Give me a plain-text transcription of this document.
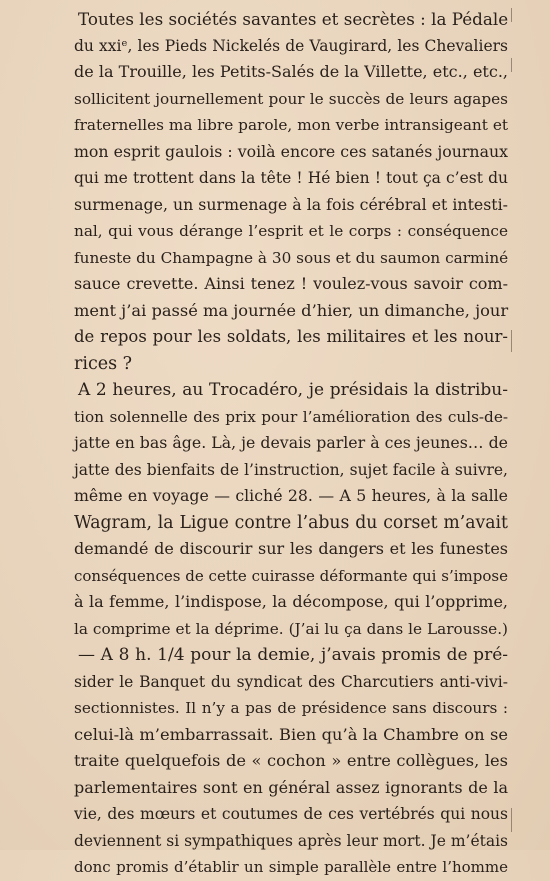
Toutes les sociétés savantes et secrètes : la Pédale
du xxiᵉ, les Pieds Nickelés de Vaugirard, les Chevaliers
de la Trouille, les Petits-Salés de la Villette, etc., etc.,
sollicitent journellement pour le succès de leurs agapes
fraternelles ma libre parole, mon verbe intransigeant et
mon esprit gaulois : voilà encore ces satanés journaux
qui me trottent dans la tête ! Hé bien ! tout ça c’est du
surmenage, un surmenage à la fois cérébral et intesti-
nal, qui vous dérange l’esprit et le corps : conséquence
funeste du Champagne à 30 sous et du saumon carminé
sauce crevette. Ainsi tenez ! voulez-vous savoir com-
ment j’ai passé ma journée d’hier, un dimanche, jour
de repos pour les soldats, les militaires et les nour-
rices ?
A 2 heures, au Trocadéro, je présidais la distribu-
tion solennelle des prix pour l’amélioration des culs-de-
jatte en bas âge. Là, je devais parler à ces jeunes… de
jatte des bienfaits de l’instruction, sujet facile à suivre,
même en voyage — cliché 28. — A 5 heures, à la salle
Wagram, la Ligue contre l’abus du corset m’avait
demandé de discourir sur les dangers et les funestes
conséquences de cette cuirasse déformante qui s’impose
à la femme, l’indispose, la décompose, qui l’opprime,
la comprime et la déprime. (J’ai lu ça dans le Larousse.)
— A 8 h. 1/4 pour la demie, j’avais promis de pré-
sider le Banquet du syndicat des Charcutiers anti-vivi-
sectionnistes. Il n’y a pas de présidence sans discours :
celui-là m’embarrassait. Bien qu’à la Chambre on se
traite quelquefois de « cochon » entre collègues, les
parlementaires sont en général assez ignorants de la
vie, des mœurs et coutumes de ces vertébrés qui nous
deviennent si sympathiques après leur mort. Je m’étais
donc promis d’établir un simple parallèle entre l’homme
